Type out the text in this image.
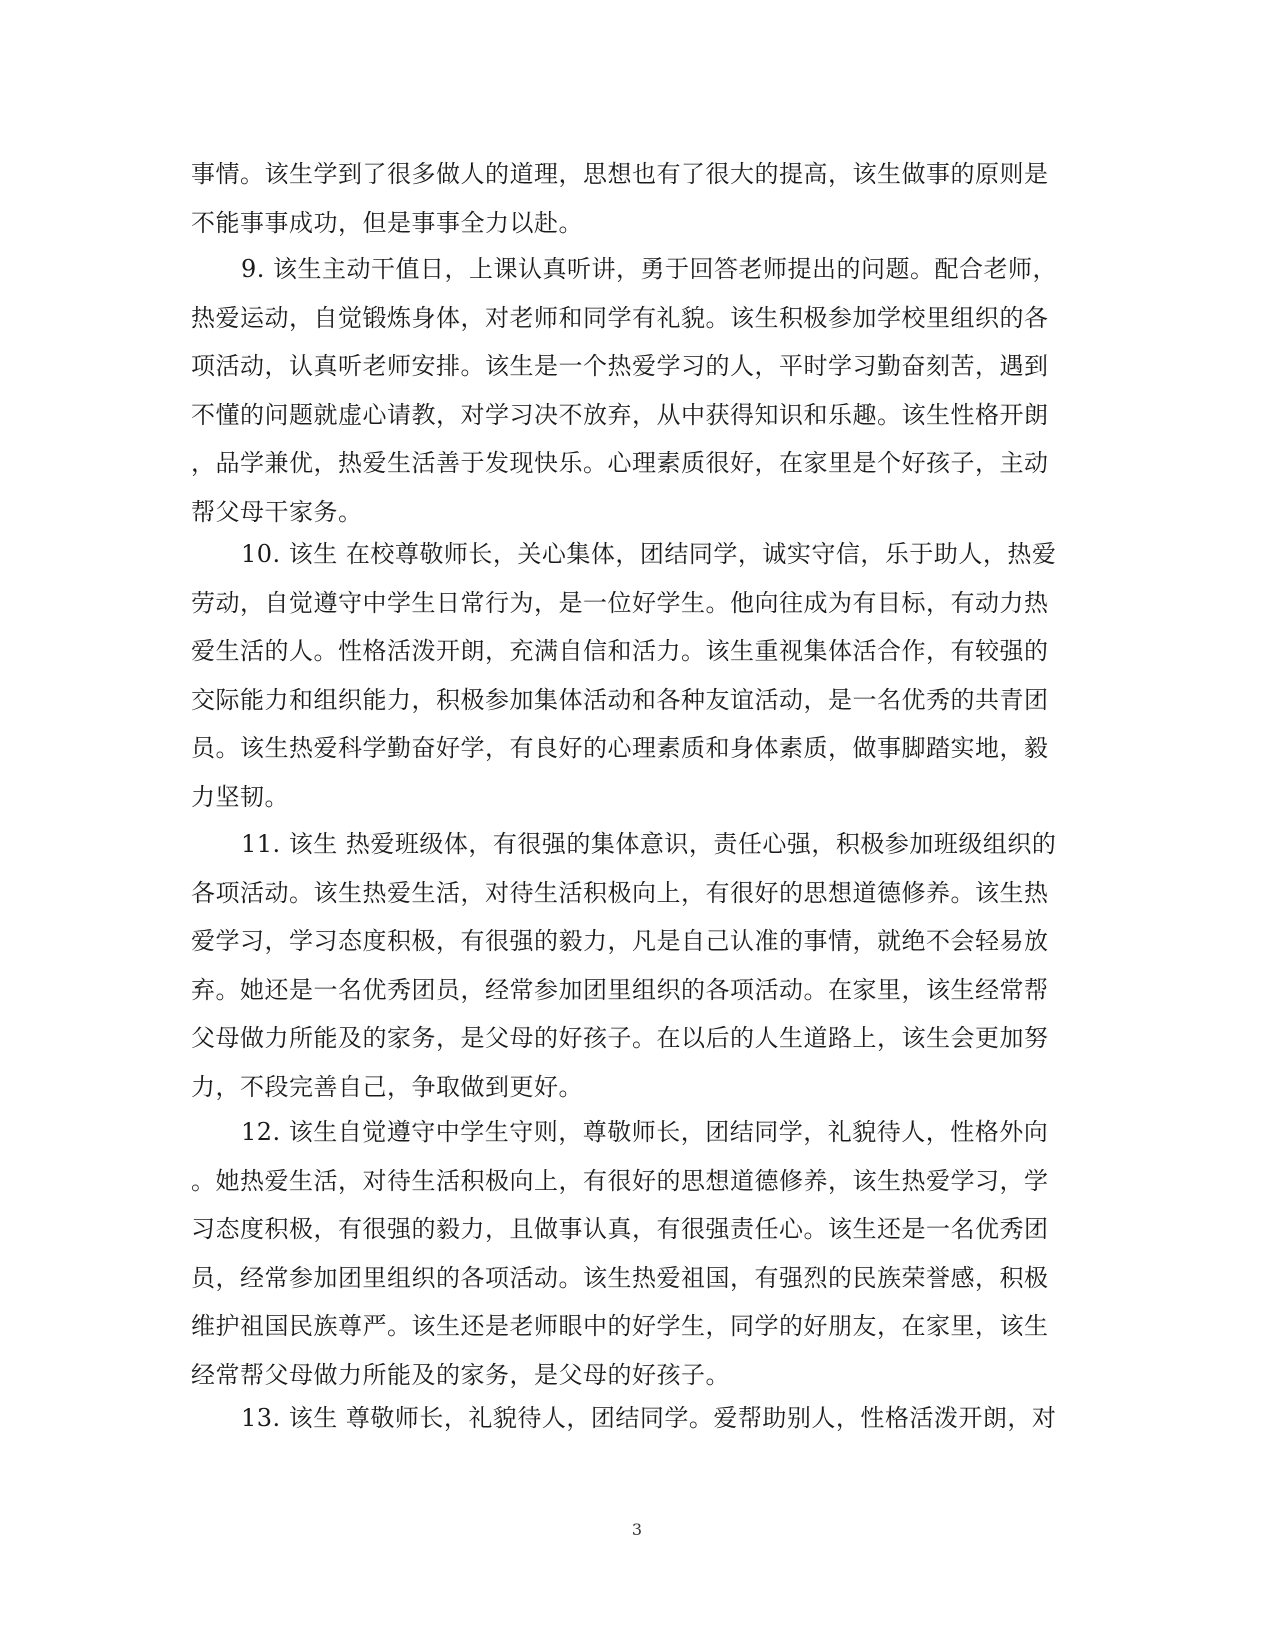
事情。该生学到了很多做人的道理，思想也有了很大的提高，该生做事的原则是
不能事事成功，但是事事全力以赴。
9. 该生主动干值日，上课认真听讲，勇于回答老师提出的问题。配合老师，
热爱运动，自觉锻炼身体，对老师和同学有礼貌。该生积极参加学校里组织的各
项活动，认真听老师安排。该生是一个热爱学习的人，平时学习勤奋刻苦，遇到
不懂的问题就虚心请教，对学习决不放弃，从中获得知识和乐趣。该生性格开朗
，品学兼优，热爱生活善于发现快乐。心理素质很好，在家里是个好孩子，主动
帮父母干家务。
10. 该生 在校尊敬师长，关心集体，团结同学，诚实守信，乐于助人，热爱
劳动，自觉遵守中学生日常行为，是一位好学生。他向往成为有目标，有动力热
爱生活的人。性格活泼开朗，充满自信和活力。该生重视集体活合作，有较强的
交际能力和组织能力，积极参加集体活动和各种友谊活动，是一名优秀的共青团
员。该生热爱科学勤奋好学，有良好的心理素质和身体素质，做事脚踏实地，毅
力坚韧。
11. 该生 热爱班级体，有很强的集体意识，责任心强，积极参加班级组织的
各项活动。该生热爱生活，对待生活积极向上，有很好的思想道德修养。该生热
爱学习，学习态度积极，有很强的毅力，凡是自己认准的事情，就绝不会轻易放
弃。她还是一名优秀团员，经常参加团里组织的各项活动。在家里，该生经常帮
父母做力所能及的家务，是父母的好孩子。在以后的人生道路上，该生会更加努
力，不段完善自己，争取做到更好。
12. 该生自觉遵守中学生守则，尊敬师长，团结同学，礼貌待人，性格外向
。她热爱生活，对待生活积极向上，有很好的思想道德修养，该生热爱学习，学
习态度积极，有很强的毅力，且做事认真，有很强责任心。该生还是一名优秀团
员，经常参加团里组织的各项活动。该生热爱祖国，有强烈的民族荣誉感，积极
维护祖国民族尊严。该生还是老师眼中的好学生，同学的好朋友，在家里，该生
经常帮父母做力所能及的家务，是父母的好孩子。
13. 该生 尊敬师长，礼貌待人，团结同学。爱帮助别人，性格活泼开朗，对
3
